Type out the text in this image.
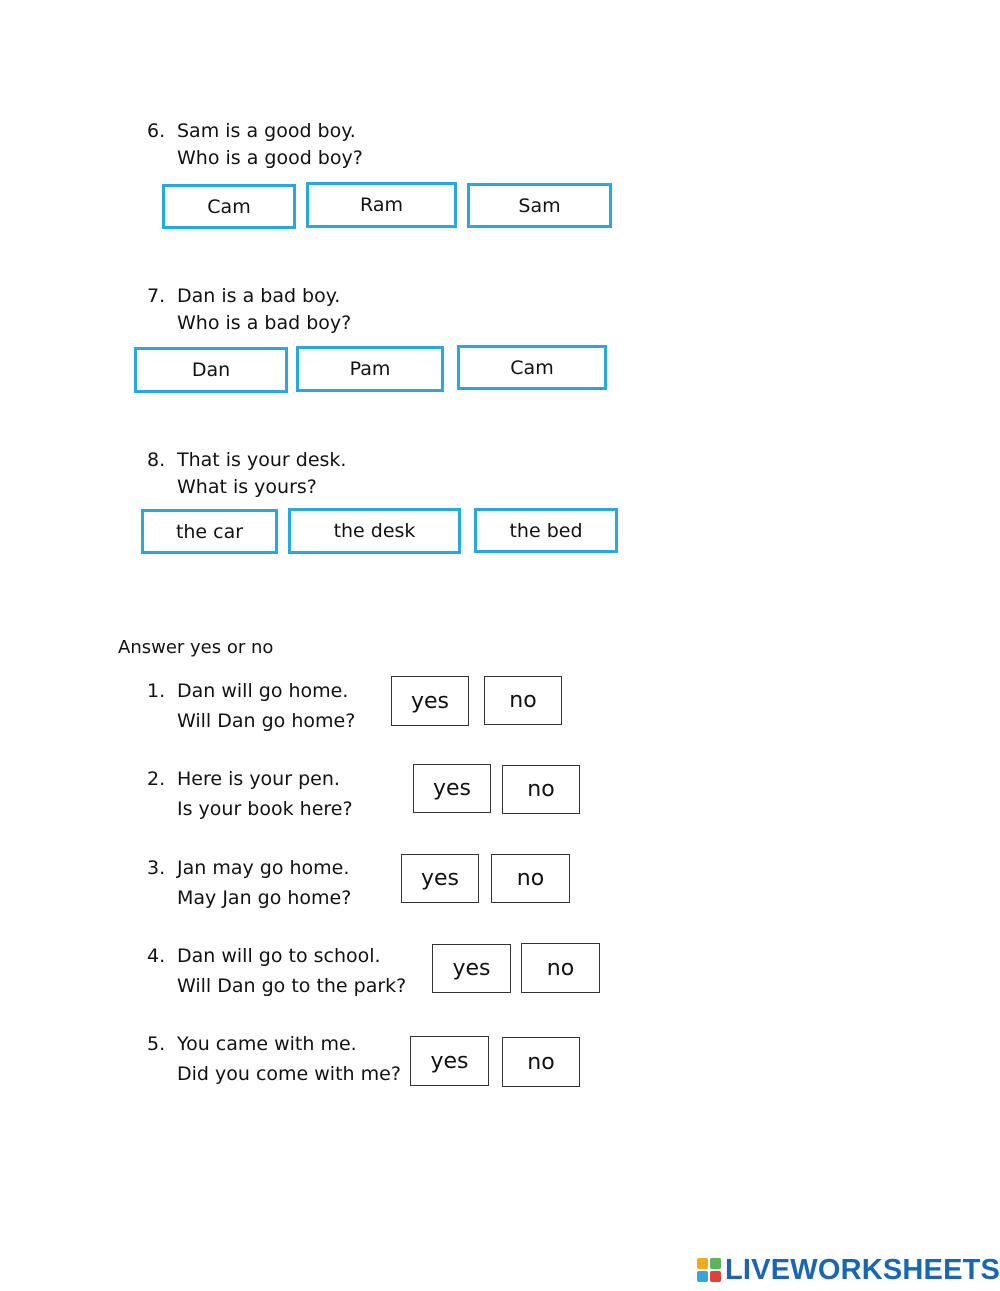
6. Sam is a good boy.
Who is a good boy?
Cam	Ram	Sam
7. Dan is a bad boy.
Who is a bad boy?
Dan	Pam	Cam
8. That is your desk.
What is yours?
the car	the desk	the bed
Answer yes or no
1. Dan will go home.
Will Dan go home?
yes	no
2. Here is your pen.
Is your book here?
yes	no
3. Jan may go home.
May Jan go home?
yes	no
4. Dan will go to school.
Will Dan go to the park?
yes	no
5. You came with me.
Did you come with me?
yes	no
LIVEWORKSHEETS
